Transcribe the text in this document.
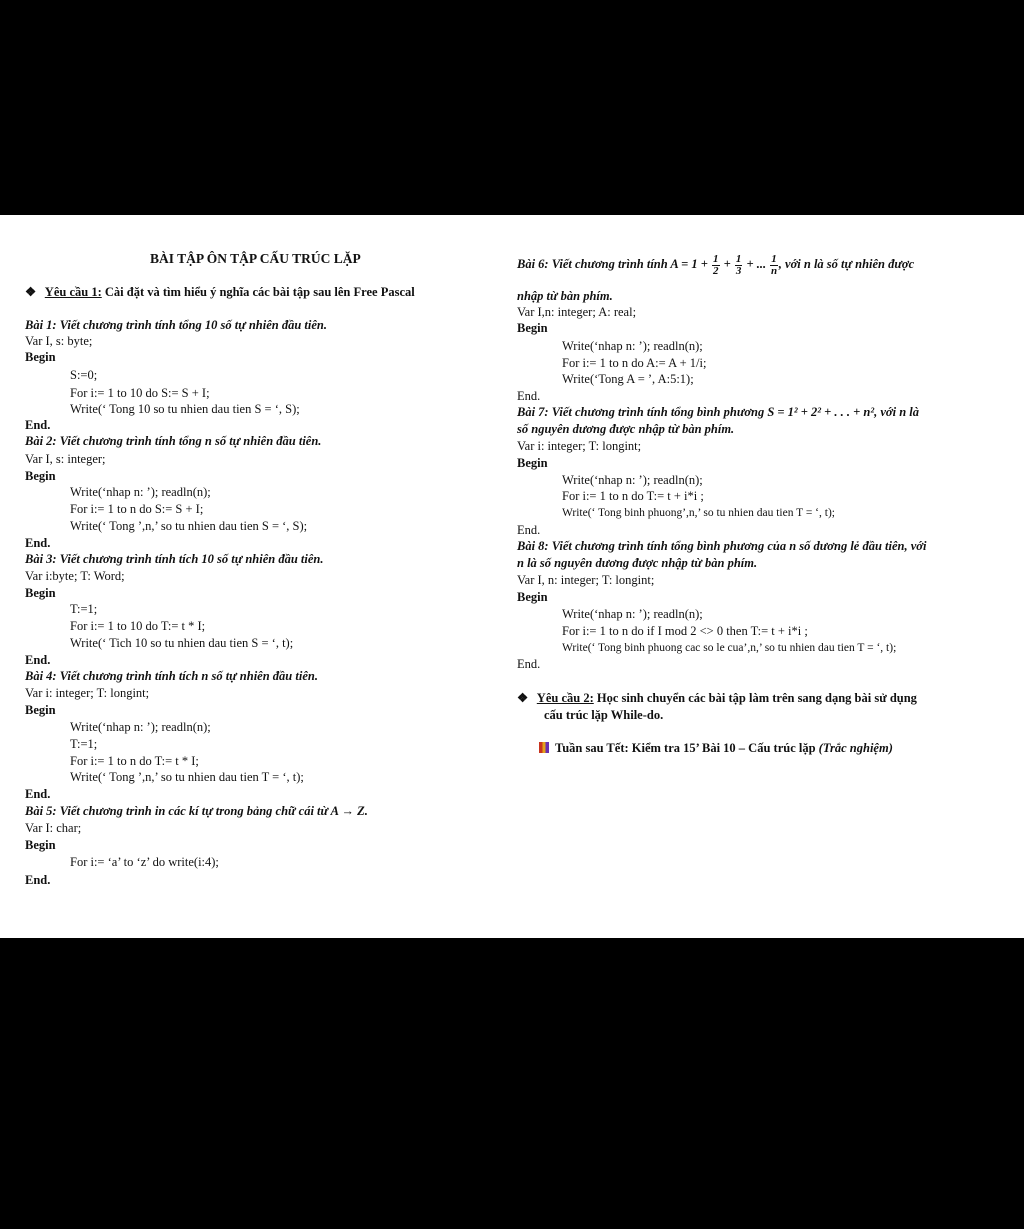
BÀI TẬP ÔN TẬP CẤU TRÚC LẶP
❖ Yêu cầu 1: Cài đặt và tìm hiểu ý nghĩa các bài tập sau lên Free Pascal
Bài 1: Viết chương trình tính tổng 10 số tự nhiên đầu tiên.
Var I, s: byte;
Begin
S:=0;
For i:= 1 to 10 do S:= S + I;
Write(‘ Tong 10 so tu nhien dau tien S = ‘, S);
End.
Bài 2: Viết chương trình tính tổng n số tự nhiên đầu tiên.
Var I, s: integer;
Begin
Write(‘nhap n: ’); readln(n);
For i:= 1 to n do S:= S + I;
Write(‘ Tong ’,n,’ so tu nhien dau tien S = ‘, S);
End.
Bài 3: Viết chương trình tính tích 10 số tự nhiên đầu tiên.
Var i:byte; T: Word;
Begin
T:=1;
For i:= 1 to 10 do T:= t * I;
Write(‘ Tich 10 so tu nhien dau tien S = ‘, t);
End.
Bài 4: Viết chương trình tính tích n số tự nhiên đầu tiên.
Var i: integer; T: longint;
Begin
Write(‘nhap n: ’); readln(n);
T:=1;
For i:= 1 to n do T:= t * I;
Write(‘ Tong ’,n,’ so tu nhien dau tien T = ‘, t);
End.
Bài 5: Viết chương trình in các kí tự trong bảng chữ cái từ A → Z.
Var I: char;
Begin
For i:= ‘a’ to ‘z’ do write(i:4);
End.
Bài 6: Viết chương trình tính $A = 1 + \frac{1}{2} + \frac{1}{3}$ + ... $\frac{1}{n}$ , với n là số tự nhiên được
nhập từ bàn phím.
Var I,n: integer; A: real;
Begin
Write(‘nhap n: ’); readln(n);
For i:= 1 to n do A:= A + 1/i;
Write(‘Tong A = ’, A:5:1);
End.
Bài 7: Viết chương trình tính tổng bình phương S = 1² + 2² + . . . + n², với n là
số nguyên dương được nhập từ bàn phím.
Var i: integer; T: longint;
Begin
Write(‘nhap n: ’); readln(n);
For i:= 1 to n do T:= t + i*i ;
Write(‘ Tong binh phuong’,n,’ so tu nhien dau tien T = ‘, t);
End.
Bài 8: Viết chương trình tính tổng bình phương của n số dương lẻ đầu tiên, với
n là số nguyên dương được nhập từ bàn phím.
Var I, n: integer; T: longint;
Begin
Write(‘nhap n: ’); readln(n);
For i:= 1 to n do if I mod 2 <> 0 then T:= t + i*i ;
Write(‘ Tong binh phuong cac so le cua’,n,’ so tu nhien dau tien T = ‘, t);
End.
❖ Yêu cầu 2: Học sinh chuyển các bài tập làm trên sang dạng bài sử dụng
cấu trúc lặp While-do.
Tuần sau Tết: Kiểm tra 15’ Bài 10 – Cấu trúc lặp (Trắc nghiệm)
